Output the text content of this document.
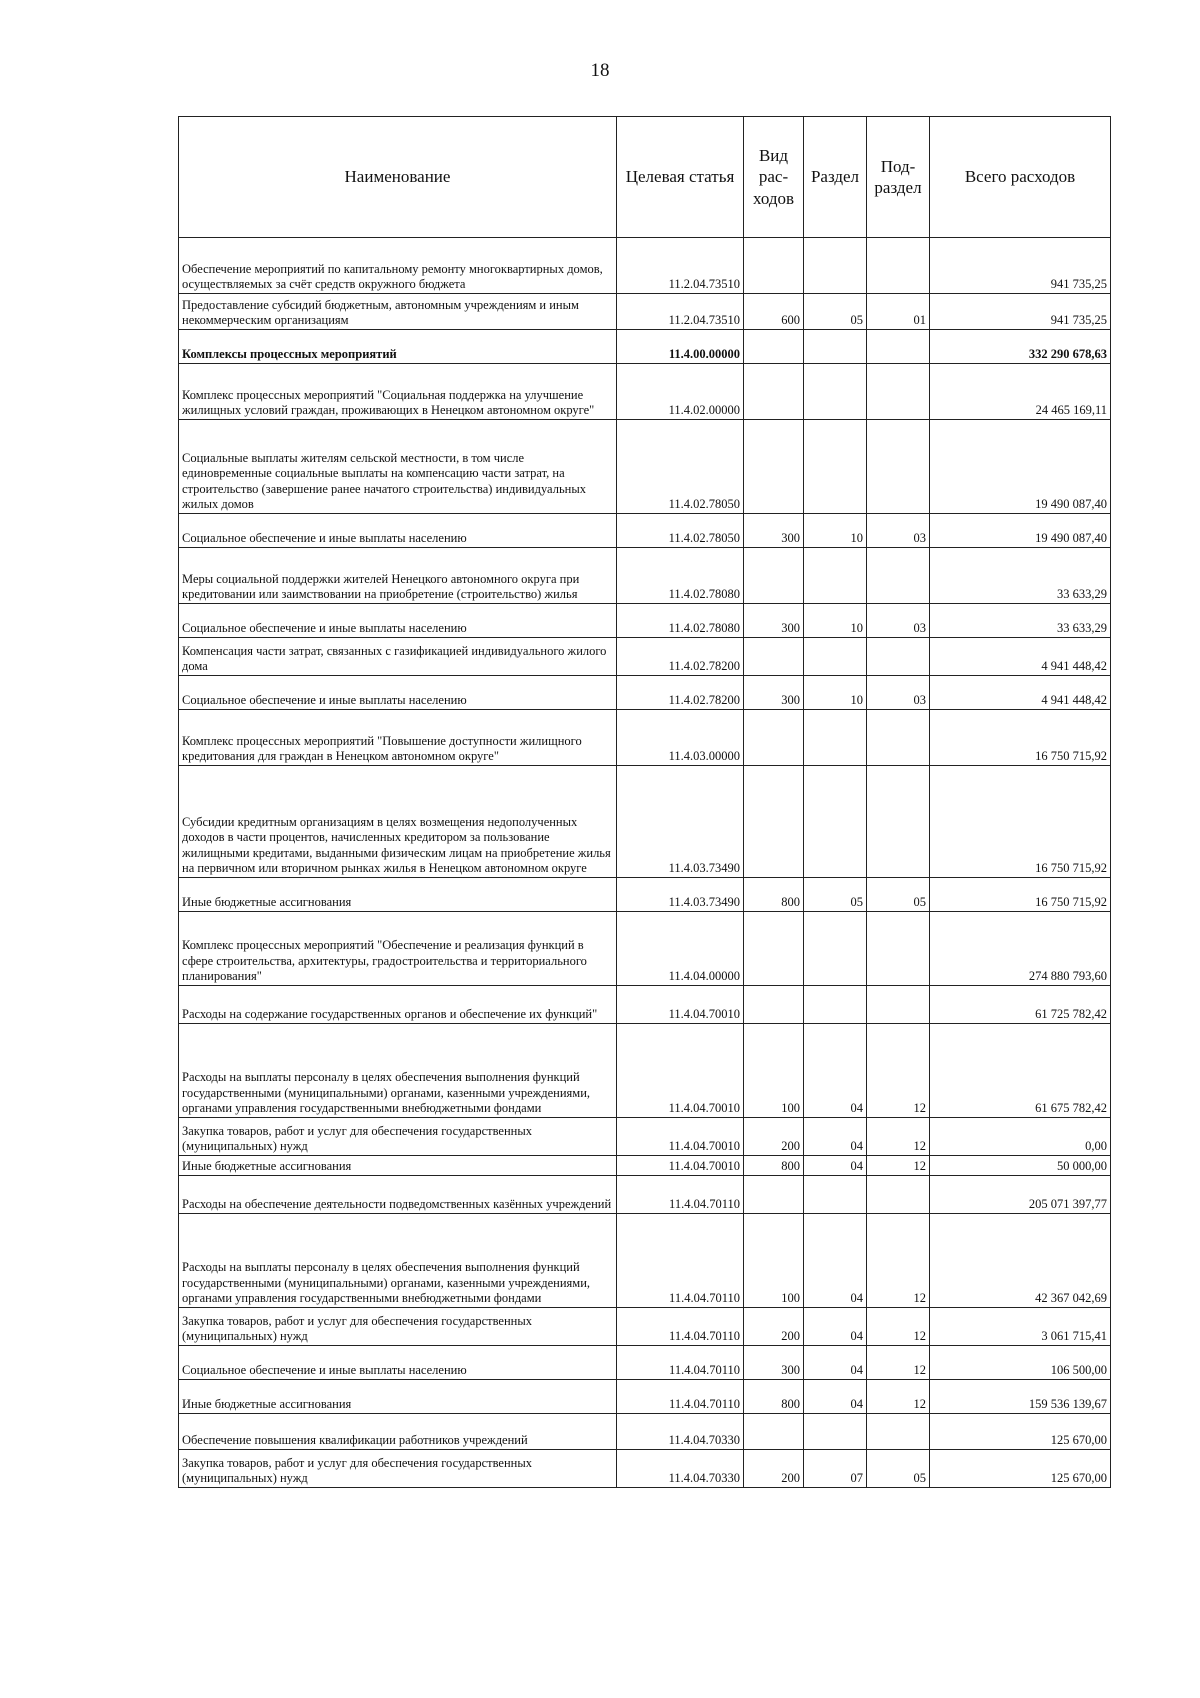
18
Наименование	Целевая статья	Вид рас- ходов	Раздел	Под- раздел	Всего расходов
Обеспечение мероприятий по капитальному ремонту многоквартирных домов, осуществляемых за счёт средств окружного бюджета	11.2.04.73510				941 735,25
Предоставление субсидий бюджетным, автономным учреждениям и иным некоммерческим организациям	11.2.04.73510	600	05	01	941 735,25
Комплексы процессных мероприятий	11.4.00.00000				332 290 678,63
Комплекс процессных мероприятий "Социальная поддержка на улучшение жилищных условий граждан, проживающих в Ненецком автономном округе"	11.4.02.00000				24 465 169,11
Социальные выплаты жителям сельской местности, в том числе единовременные социальные выплаты на компенсацию части затрат, на строительство (завершение ранее начатого строительства) индивидуальных жилых домов	11.4.02.78050				19 490 087,40
Социальное обеспечение и иные выплаты населению	11.4.02.78050	300	10	03	19 490 087,40
Меры социальной поддержки жителей Ненецкого автономного округа при кредитовании или заимствовании на приобретение (строительство) жилья	11.4.02.78080				33 633,29
Социальное обеспечение и иные выплаты населению	11.4.02.78080	300	10	03	33 633,29
Компенсация части затрат, связанных с газификацией индивидуального жилого дома	11.4.02.78200				4 941 448,42
Социальное обеспечение и иные выплаты населению	11.4.02.78200	300	10	03	4 941 448,42
Комплекс процессных мероприятий "Повышение доступности жилищного кредитования для граждан в Ненецком автономном округе"	11.4.03.00000				16 750 715,92
Субсидии кредитным организациям в целях возмещения недополученных доходов в части процентов, начисленных кредитором за пользование жилищными кредитами, выданными физическим лицам на приобретение жилья на первичном или вторичном рынках жилья в Ненецком автономном округе	11.4.03.73490				16 750 715,92
Иные бюджетные ассигнования	11.4.03.73490	800	05	05	16 750 715,92
Комплекс процессных мероприятий "Обеспечение и реализация функций в сфере строительства, архитектуры, градостроительства и территориального планирования"	11.4.04.00000				274 880 793,60
Расходы на содержание государственных органов и обеспечение их функций"	11.4.04.70010				61 725 782,42
Расходы на выплаты персоналу в целях обеспечения выполнения функций государственными (муниципальными) органами, казенными учреждениями, органами управления государственными внебюджетными фондами	11.4.04.70010	100	04	12	61 675 782,42
Закупка товаров, работ и услуг для обеспечения государственных (муниципальных) нужд	11.4.04.70010	200	04	12	0,00
Иные бюджетные ассигнования	11.4.04.70010	800	04	12	50 000,00
Расходы на обеспечение деятельности подведомственных казённых учреждений	11.4.04.70110				205 071 397,77
Расходы на выплаты персоналу в целях обеспечения выполнения функций государственными (муниципальными) органами, казенными учреждениями, органами управления государственными внебюджетными фондами	11.4.04.70110	100	04	12	42 367 042,69
Закупка товаров, работ и услуг для обеспечения государственных (муниципальных) нужд	11.4.04.70110	200	04	12	3 061 715,41
Социальное обеспечение и иные выплаты населению	11.4.04.70110	300	04	12	106 500,00
Иные бюджетные ассигнования	11.4.04.70110	800	04	12	159 536 139,67
Обеспечение повышения квалификации работников учреждений	11.4.04.70330				125 670,00
Закупка товаров, работ и услуг для обеспечения государственных (муниципальных) нужд	11.4.04.70330	200	07	05	125 670,00
